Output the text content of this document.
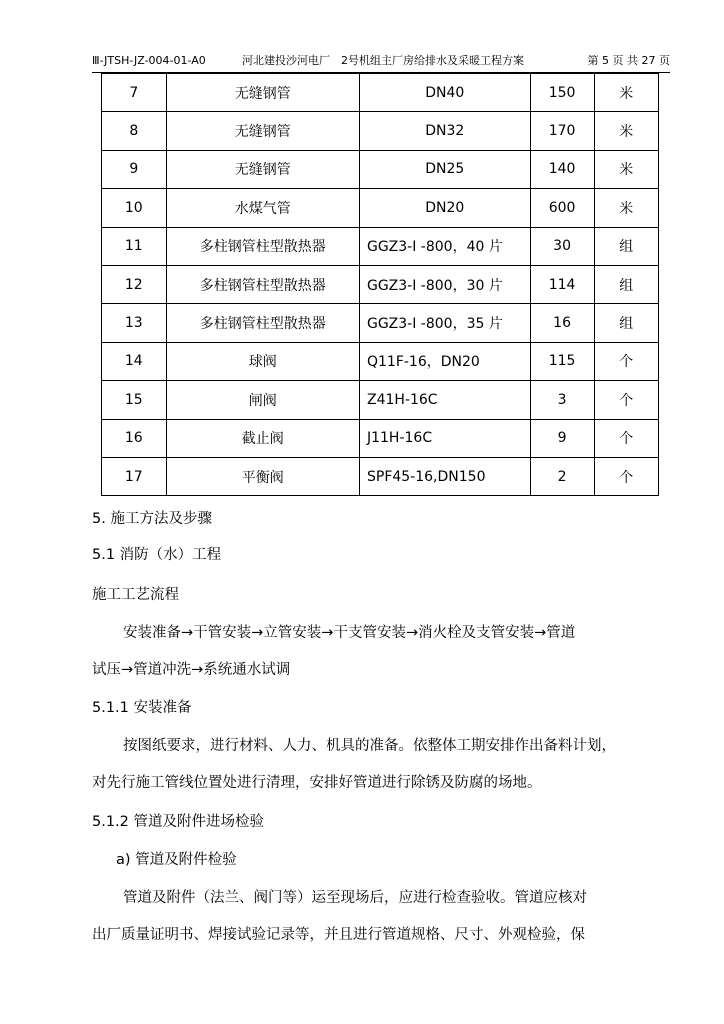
Ⅲ-JTSH-JZ-004-01-A0	河北建投沙河电厂　2号机组主厂房给排水及采暖工程方案	第 5 页 共 27 页
7	无缝钢管	DN40	150	米
8	无缝钢管	DN32	170	米
9	无缝钢管	DN25	140	米
10	水煤气管	DN20	600	米
11	多柱钢管柱型散热器	GGZ3-I -800，40 片	30	组
12	多柱钢管柱型散热器	GGZ3-I -800，30 片	114	组
13	多柱钢管柱型散热器	GGZ3-I -800，35 片	16	组
14	球阀	Q11F-16，DN20	115	个
15	闸阀	Z41H-16C	3	个
16	截止阀	J11H-16C	9	个
17	平衡阀	SPF45-16,DN150	2	个
5. 施工方法及步骤
5.1 消防（水）工程
施工工艺流程
安装准备→干管安装→立管安装→干支管安装→消火栓及支管安装→管道
试压→管道冲洗→系统通水试调
5.1.1 安装准备
按图纸要求，进行材料、人力、机具的准备。依整体工期安排作出备料计划，
对先行施工管线位置处进行清理，安排好管道进行除锈及防腐的场地。
5.1.2 管道及附件进场检验
a) 管道及附件检验
管道及附件（法兰、阀门等）运至现场后，应进行检查验收。管道应核对
出厂质量证明书、焊接试验记录等，并且进行管道规格、尺寸、外观检验，保
